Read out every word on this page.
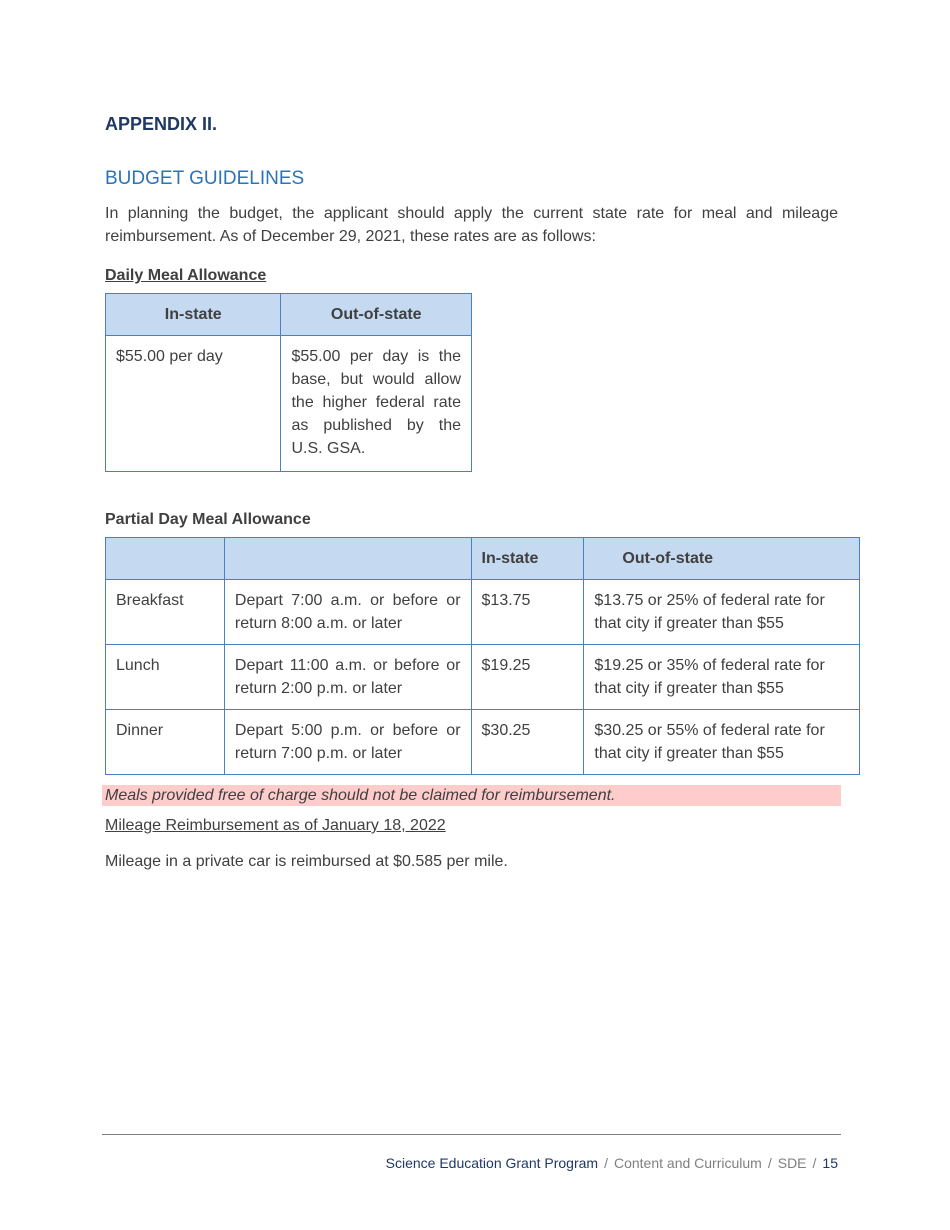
APPENDIX II.
BUDGET GUIDELINES
In planning the budget, the applicant should apply the current state rate for meal and mileage reimbursement. As of December 29, 2021, these rates are as follows:
Daily Meal Allowance
In-state	Out-of-state
$55.00 per day	$55.00 per day is the base, but would allow the higher federal rate as published by the U.S. GSA.
Partial Day Meal Allowance
		In-state	Out-of-state
Breakfast	Depart 7:00 a.m. or before or return 8:00 a.m. or later	$13.75	$13.75 or 25% of federal rate for that city if greater than $55
Lunch	Depart 11:00 a.m. or before or return 2:00 p.m. or later	$19.25	$19.25 or 35% of federal rate for that city if greater than $55
Dinner	Depart 5:00 p.m. or before or return 7:00 p.m. or later	$30.25	$30.25 or 55% of federal rate for that city if greater than $55
Meals provided free of charge should not be claimed for reimbursement.
Mileage Reimbursement as of January 18, 2022
Mileage in a private car is reimbursed at $0.585 per mile.
Science Education Grant Program / Content and Curriculum / SDE / 15
